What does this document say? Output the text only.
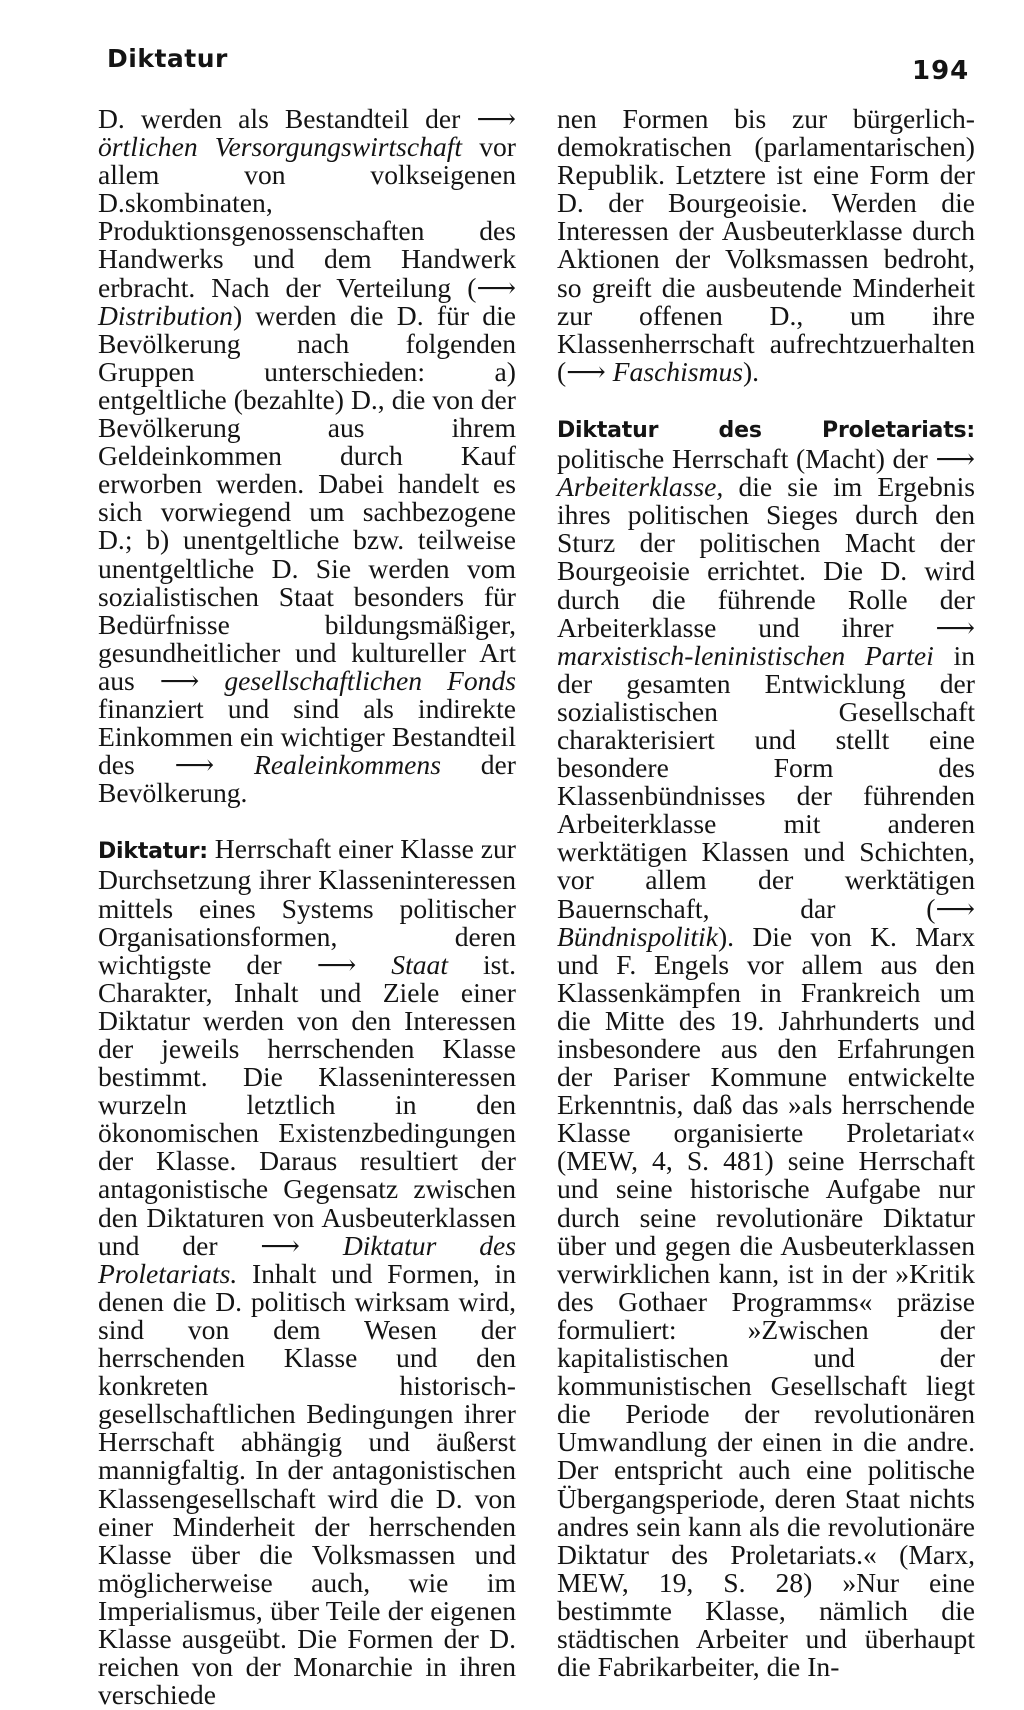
Diktatur	194

D. werden als Bestandteil der ⟶ örtlichen Versorgungswirtschaft vor allem von volkseigenen D.skombinaten, Produktionsgenossenschaften des Handwerks und dem Handwerk erbracht. Nach der Verteilung (⟶ Distribution) werden die D. für die Bevölkerung nach folgenden Gruppen unterschieden: a) entgeltliche (bezahlte) D., die von der Bevölkerung aus ihrem Geldeinkommen durch Kauf erworben werden. Dabei handelt es sich vorwiegend um sachbezogene D.; b) unentgeltliche bzw. teilweise unentgeltliche D. Sie werden vom sozialistischen Staat besonders für Bedürfnisse bildungsmäßiger, gesundheitlicher und kultureller Art aus ⟶ gesellschaftlichen Fonds finanziert und sind als indirekte Einkommen ein wichtiger Bestandteil des ⟶ Realeinkommens der Bevölkerung.

Diktatur: Herrschaft einer Klasse zur Durchsetzung ihrer Klasseninteressen mittels eines Systems politischer Organisationsformen, deren wichtigste der ⟶ Staat ist. Charakter, Inhalt und Ziele einer Diktatur werden von den Interessen der jeweils herrschenden Klasse bestimmt. Die Klasseninteressen wurzeln letztlich in den ökonomischen Existenzbedingungen der Klasse. Daraus resultiert der antagonistische Gegensatz zwischen den Diktaturen von Ausbeuterklassen und der ⟶ Diktatur des Proletariats. Inhalt und Formen, in denen die D. politisch wirksam wird, sind von dem Wesen der herrschenden Klasse und den konkreten historisch-gesellschaftlichen Bedingungen ihrer Herrschaft abhängig und äußerst mannigfaltig. In der antagonistischen Klassengesellschaft wird die D. von einer Minderheit der herrschenden Klasse über die Volksmassen und möglicherweise auch, wie im Imperialismus, über Teile der eigenen Klasse ausgeübt. Die Formen der D. reichen von der Monarchie in ihren verschiede

nen Formen bis zur bürgerlich-demokratischen (parlamentarischen) Republik. Letztere ist eine Form der D. der Bourgeoisie. Werden die Interessen der Ausbeuterklasse durch Aktionen der Volksmassen bedroht, so greift die ausbeutende Minderheit zur offenen D., um ihre Klassenherrschaft aufrechtzuerhalten (⟶ Faschismus).

Diktatur des Proletariats: politische Herrschaft (Macht) der ⟶ Arbeiterklasse, die sie im Ergebnis ihres politischen Sieges durch den Sturz der politischen Macht der Bourgeoisie errichtet. Die D. wird durch die führende Rolle der Arbeiterklasse und ihrer ⟶ marxistisch-leninistischen Partei in der gesamten Entwicklung der sozialistischen Gesellschaft charakterisiert und stellt eine besondere Form des Klassenbündnisses der führenden Arbeiterklasse mit anderen werktätigen Klassen und Schichten, vor allem der werktätigen Bauernschaft, dar (⟶ Bündnispolitik). Die von K. Marx und F. Engels vor allem aus den Klassenkämpfen in Frankreich um die Mitte des 19. Jahrhunderts und insbesondere aus den Erfahrungen der Pariser Kommune entwickelte Erkenntnis, daß das »als herrschende Klasse organisierte Proletariat« (MEW, 4, S. 481) seine Herrschaft und seine historische Aufgabe nur durch seine revolutionäre Diktatur über und gegen die Ausbeuterklassen verwirklichen kann, ist in der »Kritik des Gothaer Programms« präzise formuliert: »Zwischen der kapitalistischen und der kommunistischen Gesellschaft liegt die Periode der revolutionären Umwandlung der einen in die andre. Der entspricht auch eine politische Übergangsperiode, deren Staat nichts andres sein kann als die revolutionäre Diktatur des Proletariats.« (Marx, MEW, 19, S. 28) »Nur eine bestimmte Klasse, nämlich die städtischen Arbeiter und überhaupt die Fabrikarbeiter, die In-
